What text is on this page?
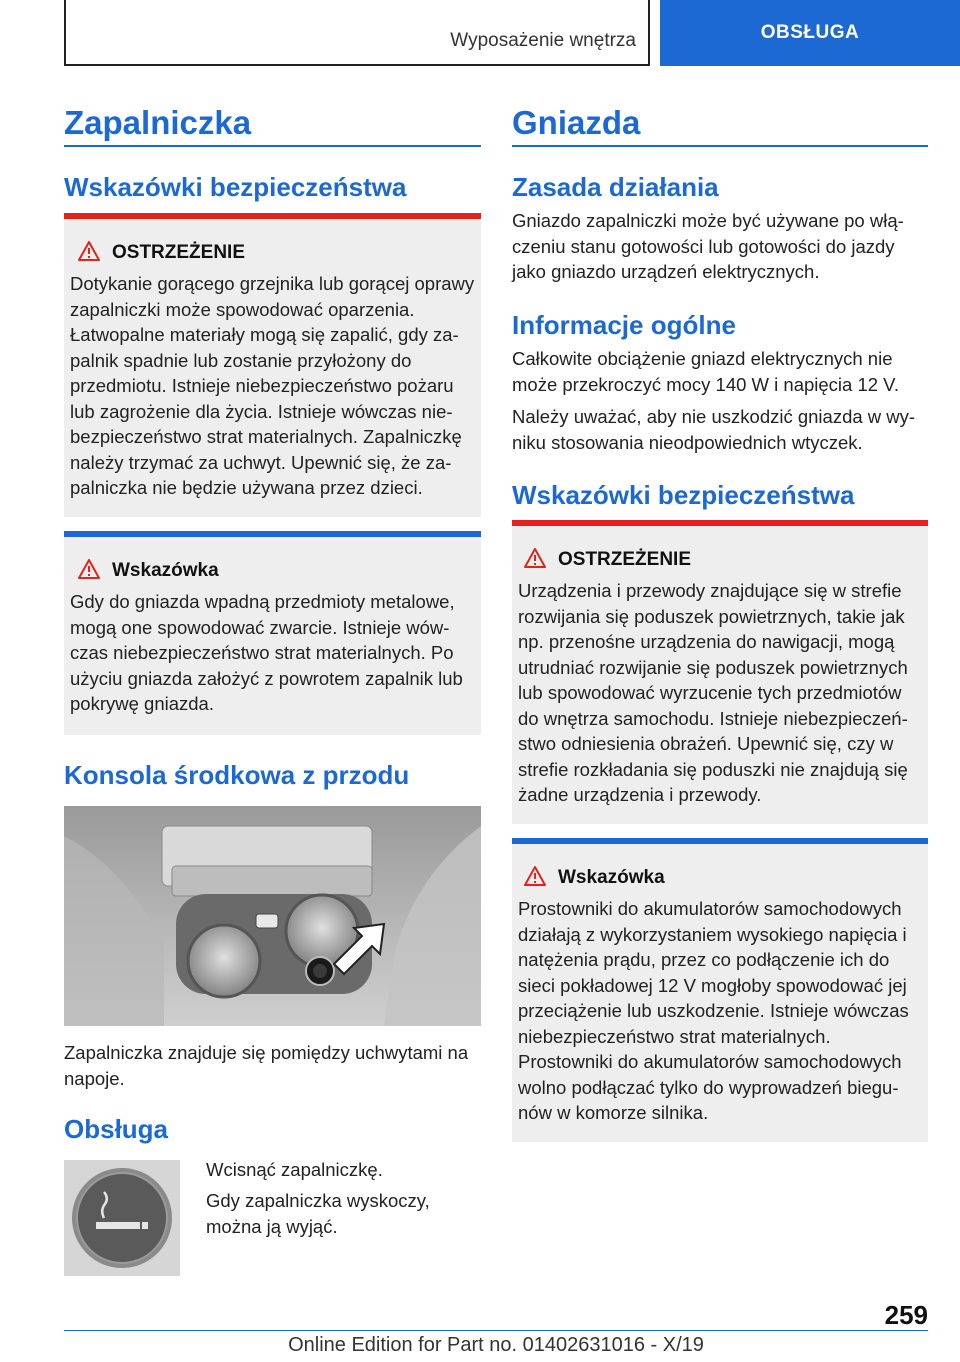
Wyposażenie wnętrza	OBSŁUGA
Zapalniczka
Wskazówki bezpieczeństwa
OSTRZEŻENIE

Dotykanie gorącego grzejnika lub gorącej oprawy zapalniczki może spowodować oparzenia. Łatwopalne materiały mogą się zapalić, gdy zapalnik spadnie lub zostanie przyłożony do przedmiotu. Istnieje niebezpieczeństwo pożaru lub zagrożenie dla życia. Istnieje wówczas niebezpieczeństwo strat materialnych. Zapalniczkę należy trzymać za uchwyt. Upewnić się, że zapalniczka nie będzie używana przez dzieci.

Wskazówka

Gdy do gniazda wpadną przedmioty metalowe, mogą one spowodować zwarcie. Istnieje wówczas niebezpieczeństwo strat materialnych. Po użyciu gniazda założyć z powrotem zapalnik lub pokrywę gniazda.

Konsola środkowa z przodu

Zapalniczka znajduje się pomiędzy uchwytami na napoje.

Obsługa

Wcisnąć zapalniczkę.

Gdy zapalniczka wyskoczy, można ją wyjąć.

Gniazda
Zasada działania

Gniazdo zapalniczki może być używane po włączeniu stanu gotowości lub gotowości do jazdy jako gniazdo urządzeń elektrycznych.

Informacje ogólne

Całkowite obciążenie gniazd elektrycznych nie może przekroczyć mocy 140 W i napięcia 12 V.

Należy uważać, aby nie uszkodzić gniazda w wyniku stosowania nieodpowiednich wtyczek.

Wskazówki bezpieczeństwa
OSTRZEŻENIE

Urządzenia i przewody znajdujące się w strefie rozwijania się poduszek powietrznych, takie jak np. przenośne urządzenia do nawigacji, mogą utrudniać rozwijanie się poduszek powietrznych lub spowodować wyrzucenie tych przedmiotów do wnętrza samochodu. Istnieje niebezpieczeństwo odniesienia obrażeń. Upewnić się, czy w strefie rozkładania się poduszki nie znajdują się żadne urządzenia i przewody.

Wskazówka

Prostowniki do akumulatorów samochodowych działają z wykorzystaniem wysokiego napięcia i natężenia prądu, przez co podłączenie ich do sieci pokładowej 12 V mogłoby spowodować jej przeciążenie lub uszkodzenie. Istnieje wówczas niebezpieczeństwo strat materialnych. Prostowniki do akumulatorów samochodowych wolno podłączać tylko do wyprowadzeń biegunów w komorze silnika.

259
Online Edition for Part no. 01402631016 - X/19
